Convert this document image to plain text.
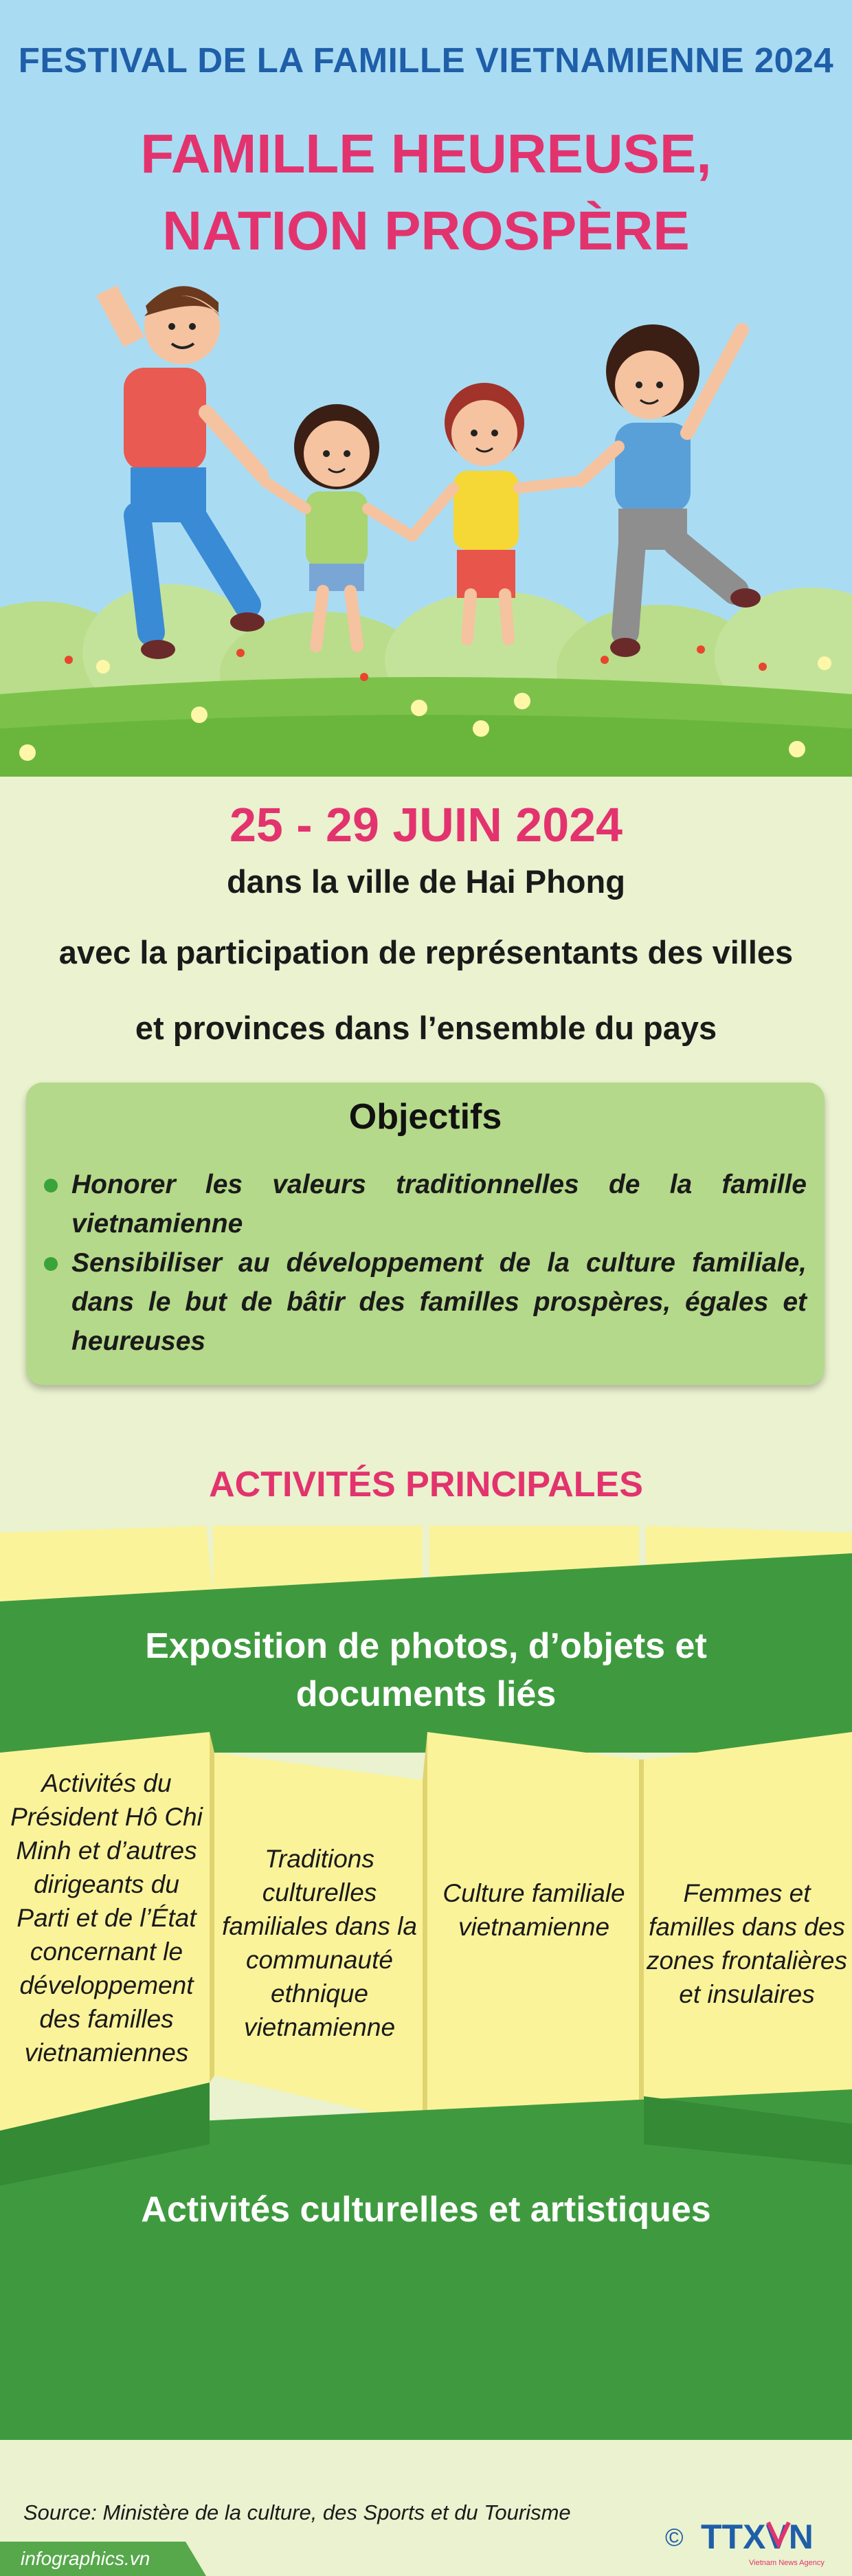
FESTIVAL DE LA FAMILLE VIETNAMIENNE 2024
FAMILLE HEUREUSE,
NATION PROSPÈRE
25 - 29 JUIN 2024
dans la ville de Hai Phong
avec la participation de représentants des villes
et provinces dans l’ensemble du pays
Objectifs
Honorer les valeurs traditionnelles de la famille vietnamienne
Sensibiliser au développement de la culture familiale, dans le but de bâtir des familles prospères, égales et heureuses
ACTIVITÉS PRINCIPALES
Exposition de photos, d’objets et documents liés
Activités du Président Hô Chi Minh et d’autres dirigeants du Parti et de l’État concernant le développement des familles vietnamiennes
Traditions culturelles familiales dans la communauté ethnique vietnamienne
Culture familiale vietnamienne
Femmes et familles dans des zones frontalières et insulaires
Activités culturelles et artistiques
Source: Ministère de la culture, des Sports et du Tourisme
infographics.vn
© TTXVN
Vietnam News Agency
